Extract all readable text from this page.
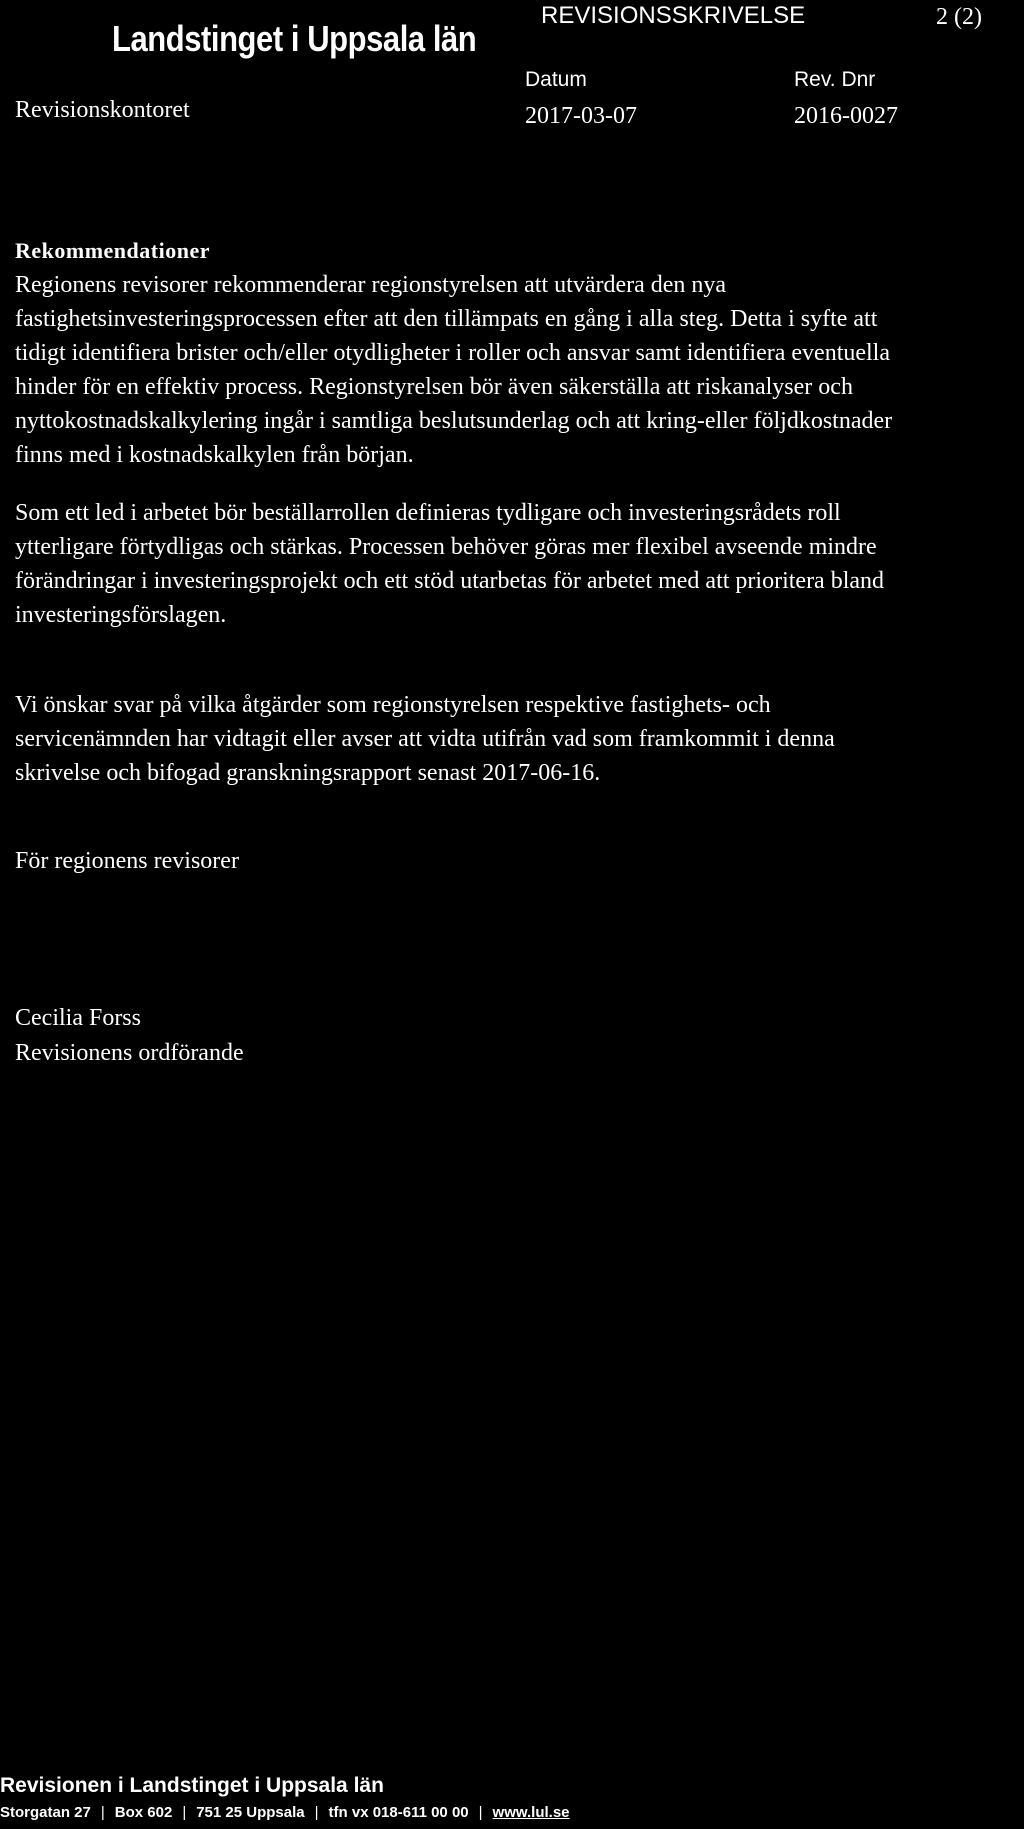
Landstinget i Uppsala län
REVISIONSSKRIVELSE	2 (2)
Revisionskontoret
Datum
2017-03-07
Rev. Dnr
2016-0027
Rekommendationer
Regionens revisorer rekommenderar regionstyrelsen att utvärdera den nya
fastighetsinvesteringsprocessen efter att den tillämpats en gång i alla steg. Detta i syfte att
tidigt identifiera brister och/eller otydligheter i roller och ansvar samt identifiera eventuella
hinder för en effektiv process. Regionstyrelsen bör även säkerställa att riskanalyser och
nyttokostnadskalkylering ingår i samtliga beslutsunderlag och att kring-eller följdkostnader
finns med i kostnadskalkylen från början.
Som ett led i arbetet bör beställarrollen definieras tydligare och investeringsrådets roll
ytterligare förtydligas och stärkas. Processen behöver göras mer flexibel avseende mindre
förändringar i investeringsprojekt och ett stöd utarbetas för arbetet med att prioritera bland
investeringsförslagen.
Vi önskar svar på vilka åtgärder som regionstyrelsen respektive fastighets- och
servicenämnden har vidtagit eller avser att vidta utifrån vad som framkommit i denna
skrivelse och bifogad granskningsrapport senast 2017-06-16.
För regionens revisorer
Cecilia Forss
Revisionens ordförande
Revisionen i Landstinget i Uppsala län
Storgatan 27 | Box 602 | 751 25 Uppsala | tfn vx 018-611 00 00 | www.lul.se
